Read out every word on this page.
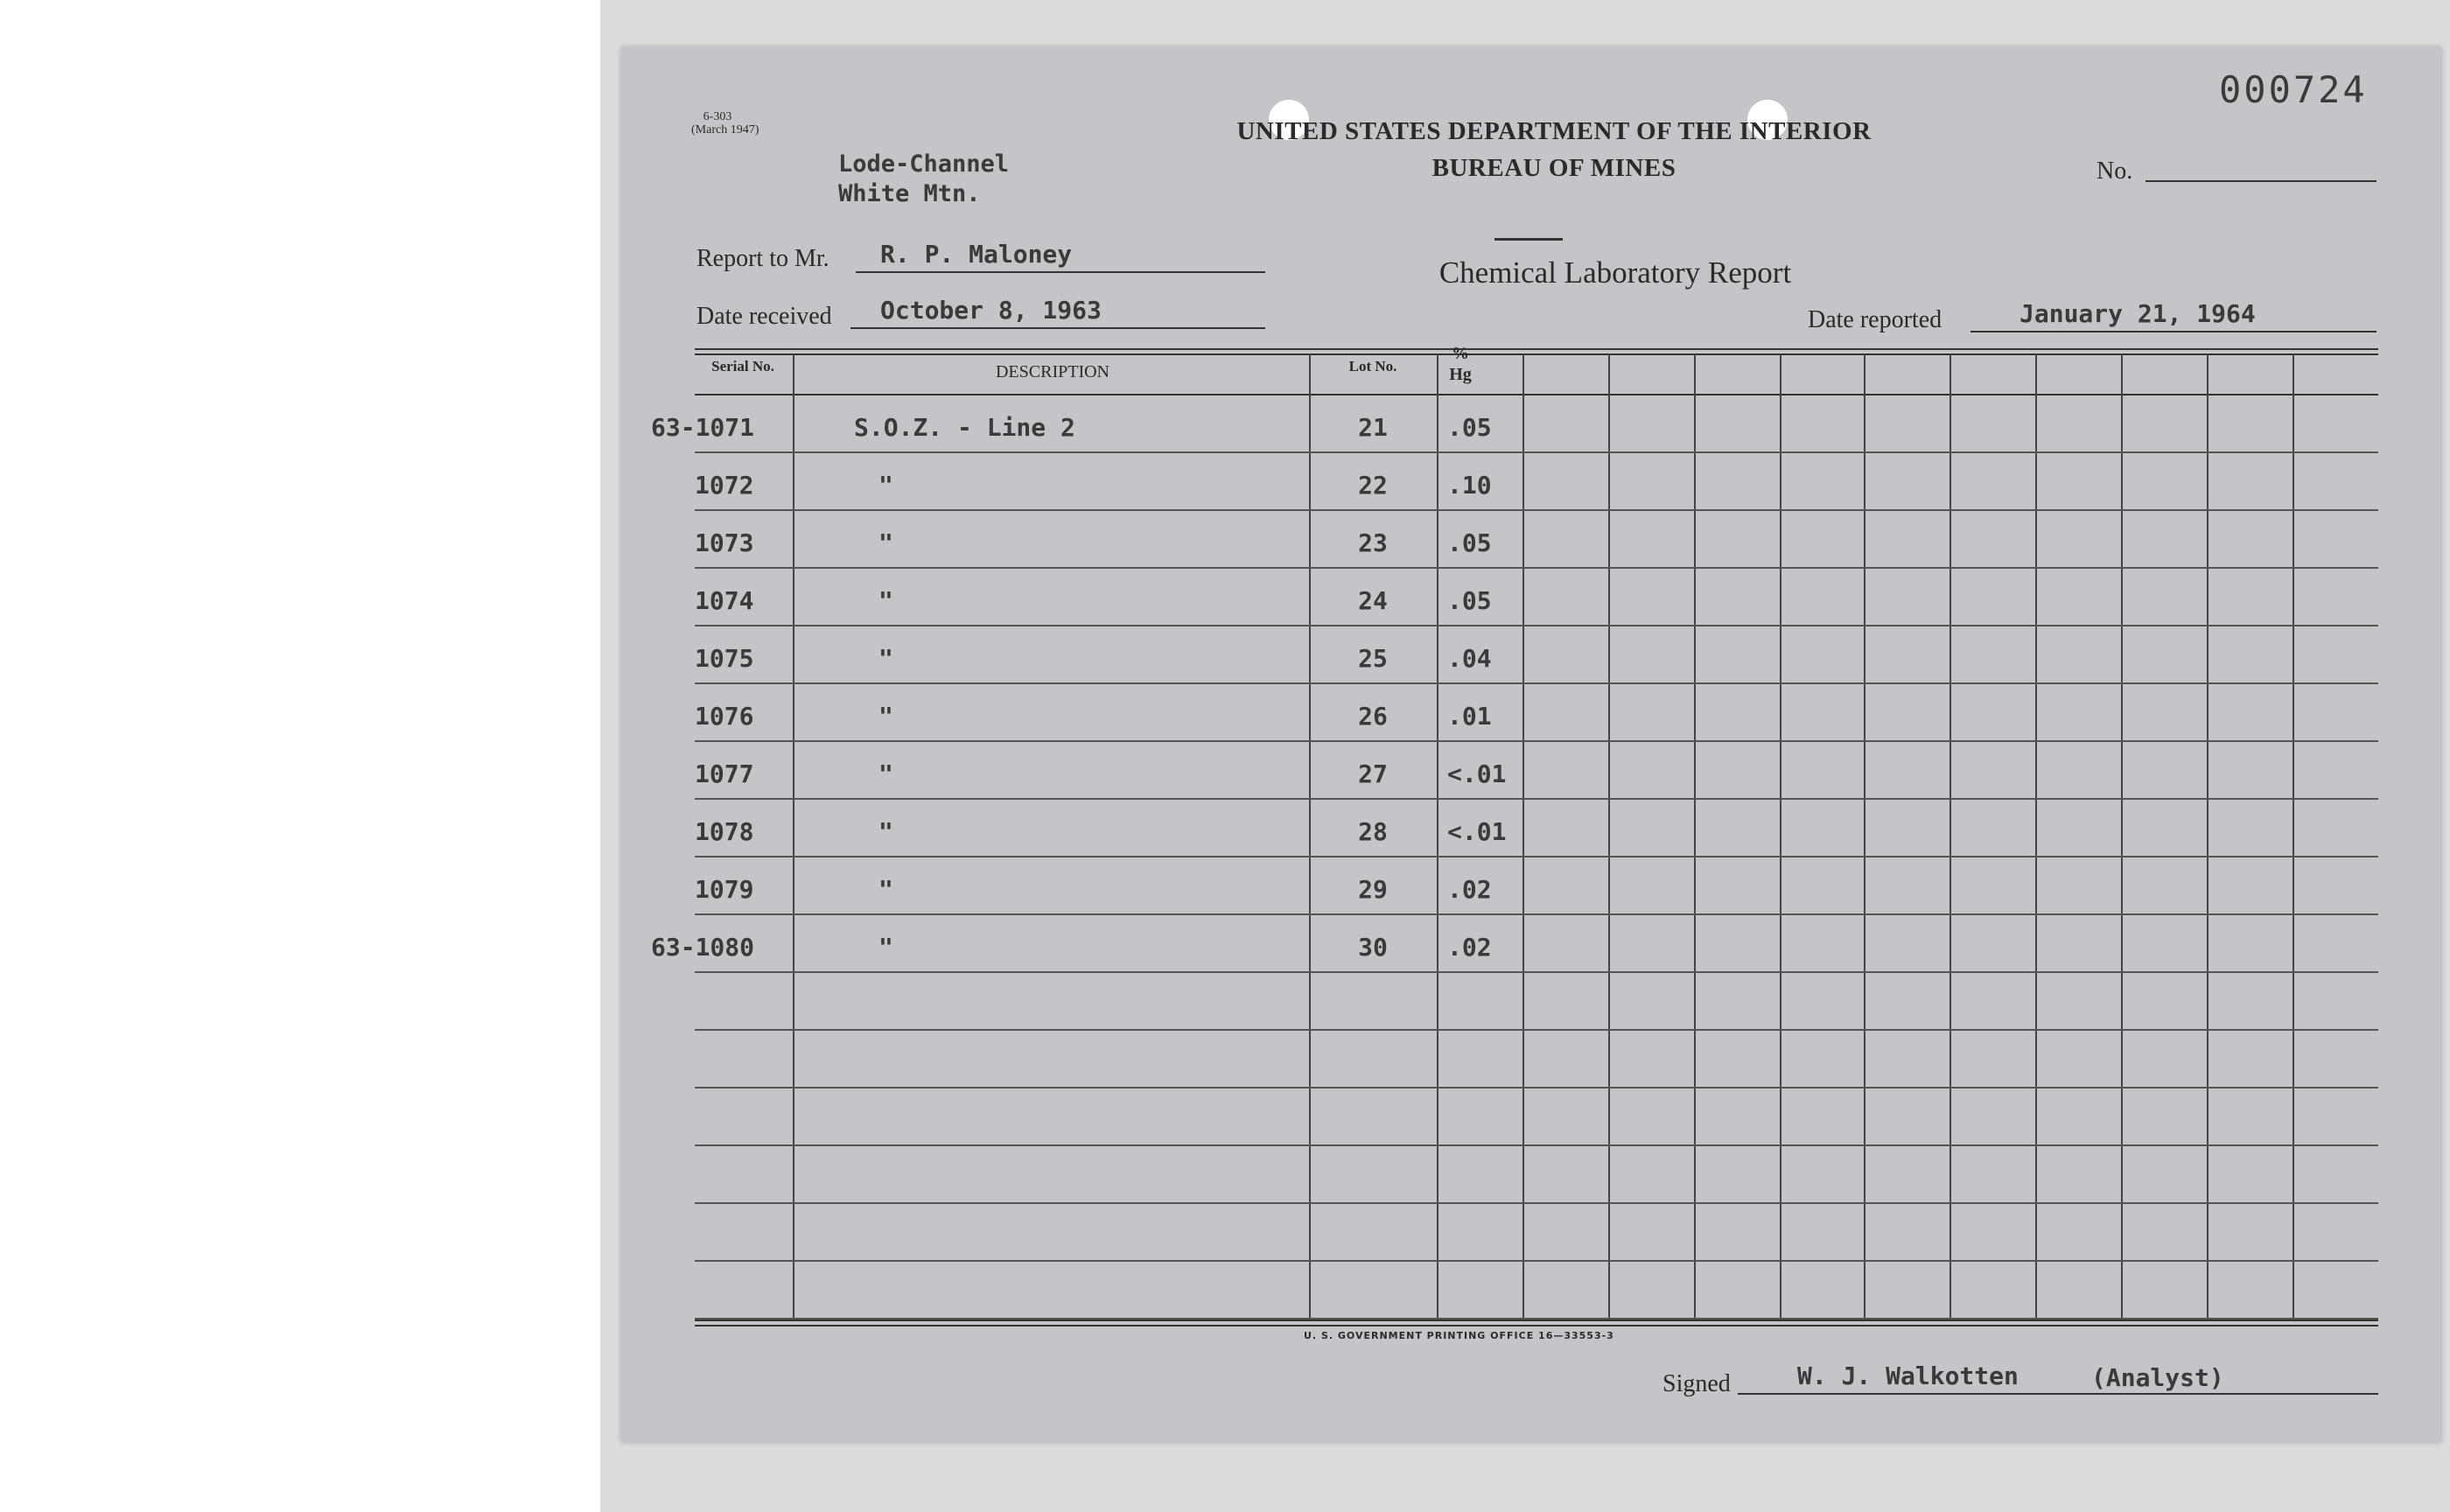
000724
6-303
(March 1947)
Lode-Channel
White Mtn.
UNITED STATES DEPARTMENT OF THE INTERIOR
BUREAU OF MINES	No.
Chemical Laboratory Report
Report to Mr. R. P. Maloney
Date received October 8, 1963	Date reported	January 21, 1964
Serial No.	DESCRIPTION	Lot No.
%
Hg
63-1071	S.O.Z. - Line 2	21	.05
1072	"	22	.10
1073	"	23	.05
1074	"	24	.05
1075	"	25	.04
1076	"	26	.01
1077	"	27	<.01
1078	"	28	<.01
1079	"	29	.02
63-1080	"	30	.02
U. S. GOVERNMENT PRINTING OFFICE 16—33553-3
Signed	W. J. Walkotten	(Analyst)
